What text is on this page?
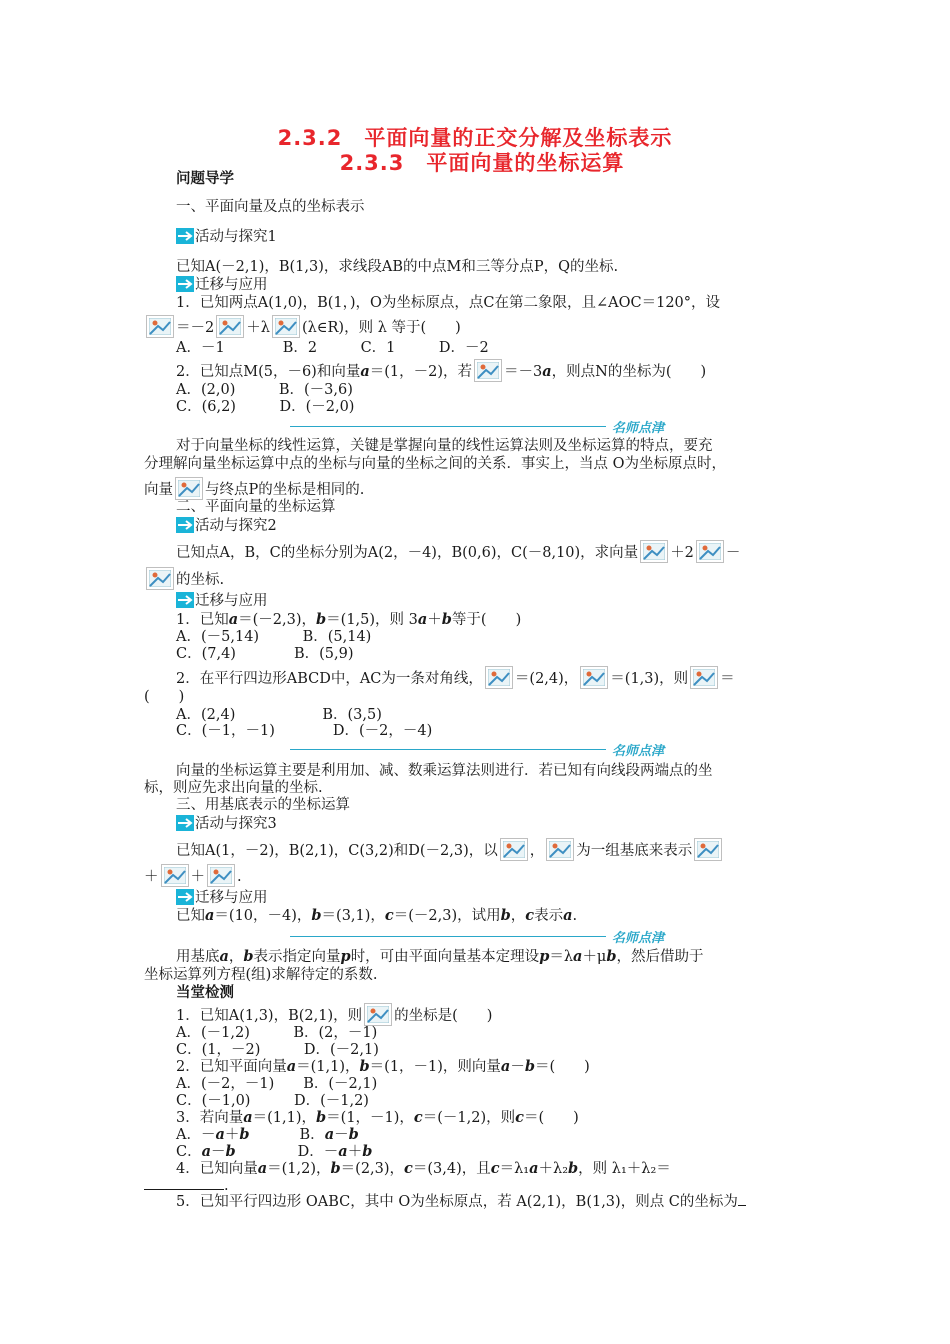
2.3.2　平面向量的正交分解及坐标表示
2.3.3　平面向量的坐标运算
问题导学
一、平面向量及点的坐标表示
活动与探究1
已知A(－2,1)，B(1,3)，求线段AB的中点M和三等分点P，Q的坐标.
迁移与应用
1．已知两点A(1,0)，B(1，)，O为坐标原点，点C在第二象限，且∠AOC＝120°，设
＝－2 ＋λ (λ∈R)，则 λ 等于(　　)
A．－1　　　　B．2　　　C．1　　　D．－2
2．已知点M(5，－6)和向量a＝(1，－2)，若 ＝－3a，则点N的坐标为(　　)
A．(2,0)　　　B．(－3,6)
C．(6,2)　　　D．(－2,0)
名师点津
对于向量坐标的线性运算，关键是掌握向量的线性运算法则及坐标运算的特点，要充
分理解向量坐标运算中点的坐标与向量的坐标之间的关系．事实上，当点 O为坐标原点时，
向量 与终点P的坐标是相同的.
二、平面向量的坐标运算
活动与探究2
已知点A，B，C的坐标分别为A(2，－4)，B(0,6)，C(－8,10)，求向量 ＋2 －
的坐标.
迁移与应用
1．已知a＝(－2,3)，b＝(1,5)，则 3a＋b等于(　　)
A．(－5,14)　　　B．(5,14)
C．(7,4)　　　　B．(5,9)
2．在平行四边形ABCD中，AC为一条对角线， ＝(2,4)， ＝(1,3)，则 ＝
(　　)
A．(2,4)　　　　　　B．(3,5)
C．(－1，－1)　　　　D．(－2，－4)
名师点津
向量的坐标运算主要是利用加、减、数乘运算法则进行．若已知有向线段两端点的坐
标，则应先求出向量的坐标.
三、用基底表示的坐标运算
活动与探究3
已知A(1，－2)，B(2,1)，C(3,2)和D(－2,3)，以 ， 为一组基底来表示
＋ ＋ .
迁移与应用
已知a＝(10，－4)，b＝(3,1)，c＝(－2,3)，试用b，c表示a.
名师点津
用基底a，b表示指定向量p时，可由平面向量基本定理设p＝λa＋μb，然后借助于
坐标运算列方程(组)求解待定的系数.
当堂检测
1．已知A(1,3)，B(2,1)，则 的坐标是(　　)
A．(－1,2)　　　B．(2，－1)
C．(1，－2)　　　D．(－2,1)
2．已知平面向量a＝(1,1)，b＝(1，－1)，则向量a－b＝(　　)
A．(－2，－1)　　B．(－2,1)
C．(－1,0)　　　D．(－1,2)
3．若向量a＝(1,1)，b＝(1，－1)，c＝(－1,2)，则c＝(　　)
A．－a＋b	B．a－b
C．a－b	D．－a＋b
4．已知向量a＝(1,2)，b＝(2,3)，c＝(3,4)，且c＝λ₁a＋λ₂b，则 λ₁＋λ₂＝
.
5．已知平行四边形 OABC，其中 O为坐标原点，若 A(2,1)，B(1,3)，则点 C的坐标为
